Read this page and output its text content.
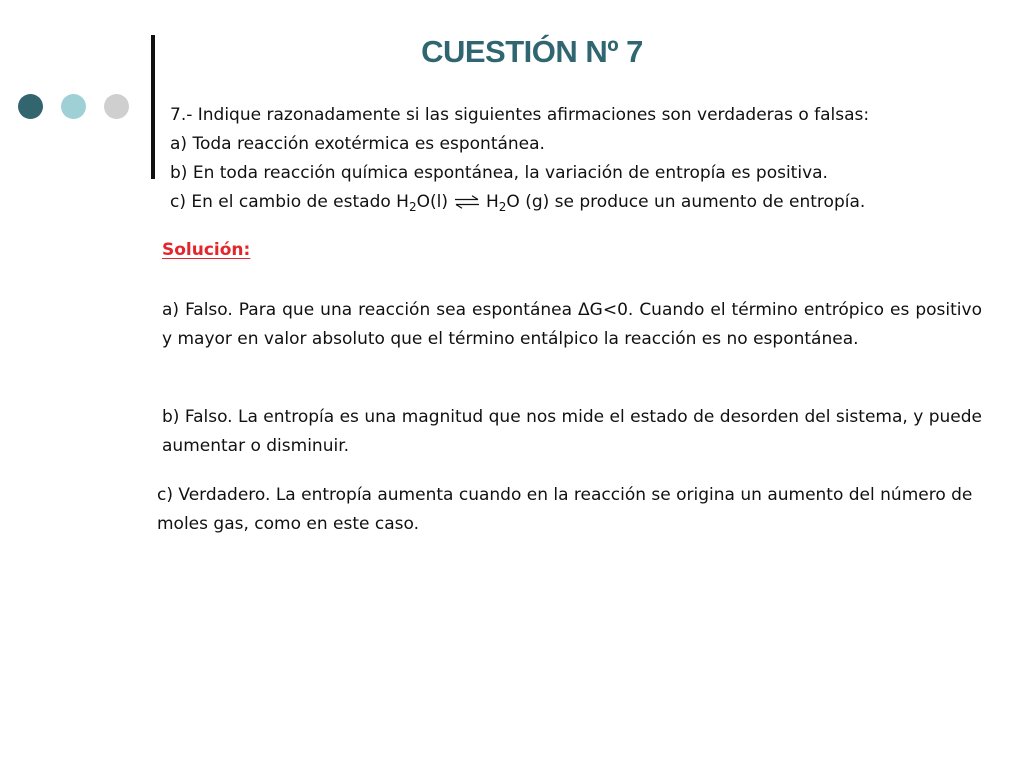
CUESTIÓN Nº 7

7.- Indique razonadamente si las siguientes afirmaciones son verdaderas o falsas:

a) Toda reacción exotérmica es espontánea.

b) En toda reacción química espontánea, la variación de entropía es positiva.

c) En el cambio de estado $H_2O(l)$ ⇌ $H_2O$ (g) se produce un aumento de entropía.

Solución:

a) Falso. Para que una reacción sea espontánea ΔG<0. Cuando el término entrópico es positivo y mayor en valor absoluto que el término entálpico la reacción es no espontánea.

b) Falso. La entropía es una magnitud que nos mide el estado de desorden del sistema, y puede aumentar o disminuir.

c) Verdadero. La entropía aumenta cuando en la reacción se origina un aumento del número de moles gas, como en este caso.
